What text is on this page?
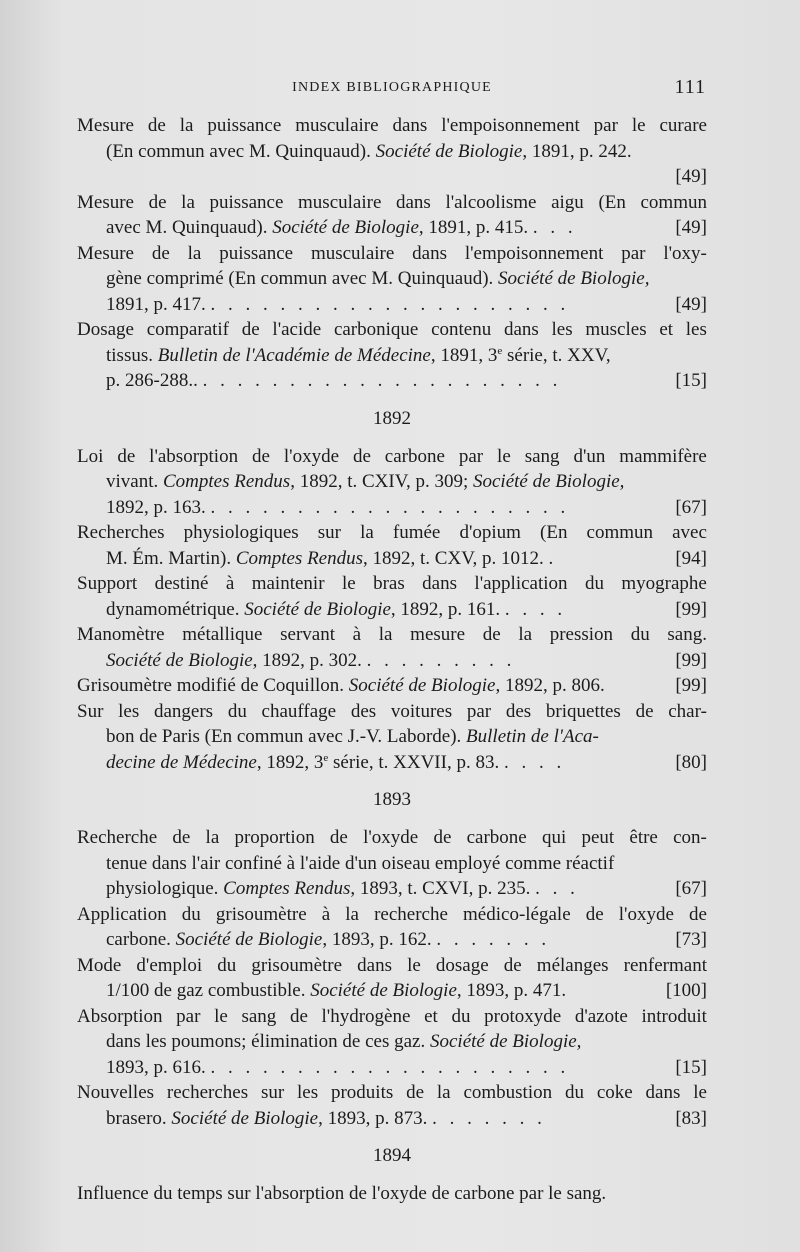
INDEX BIBLIOGRAPHIQUE	111
Mesure de la puissance musculaire dans l'empoisonnement par le curare
(En commun avec M. Quinquaud). Société de Biologie, 1891, p. 242.
[49]
Mesure de la puissance musculaire dans l'alcoolisme aigu (En commun
avec M. Quinquaud). Société de Biologie, 1891, p. 415. . . .	[49]
Mesure de la puissance musculaire dans l'empoisonnement par l'oxy-
gène comprimé (En commun avec M. Quinquaud). Société de Biologie,
1891, p. 417. . . . . . . . . . . . . . . . . . . . . .	[49]
Dosage comparatif de l'acide carbonique contenu dans les muscles et les
tissus. Bulletin de l'Académie de Médecine, 1891, 3e série, t. XXV,
p. 286-288.. . . . . . . . . . . . . . . . . . . . . .	[15]
1892
Loi de l'absorption de l'oxyde de carbone par le sang d'un mammifère
vivant. Comptes Rendus, 1892, t. CXIV, p. 309; Société de Biologie,
1892, p. 163. . . . . . . . . . . . . . . . . . . . . .	[67]
Recherches physiologiques sur la fumée d'opium (En commun avec
M. Ém. Martin). Comptes Rendus, 1892, t. CXV, p. 1012. .	[94]
Support destiné à maintenir le bras dans l'application du myographe
dynamométrique. Société de Biologie, 1892, p. 161. . . . .	[99]
Manomètre métallique servant à la mesure de la pression du sang.
Société de Biologie, 1892, p. 302. . . . . . . . . .	[99]
Grisoumètre modifié de Coquillon. Société de Biologie, 1892, p. 806.	[99]
Sur les dangers du chauffage des voitures par des briquettes de char-
bon de Paris (En commun avec J.-V. Laborde). Bulletin de l'Aca-
decine de Médecine, 1892, 3e série, t. XXVII, p. 83. . . . .	[80]
1893
Recherche de la proportion de l'oxyde de carbone qui peut être con-
tenue dans l'air confiné à l'aide d'un oiseau employé comme réactif
physiologique. Comptes Rendus, 1893, t. CXVI, p. 235. . . .	[67]
Application du grisoumètre à la recherche médico-légale de l'oxyde de
carbone. Société de Biologie, 1893, p. 162. . . . . . . .	[73]
Mode d'emploi du grisoumètre dans le dosage de mélanges renfermant
1/100 de gaz combustible. Société de Biologie, 1893, p. 471.	[100]
Absorption par le sang de l'hydrogène et du protoxyde d'azote introduit
dans les poumons; élimination de ces gaz. Société de Biologie,
1893, p. 616. . . . . . . . . . . . . . . . . . . . . .	[15]
Nouvelles recherches sur les produits de la combustion du coke dans le
brasero. Société de Biologie, 1893, p. 873. . . . . . . .	[83]
1894
Influence du temps sur l'absorption de l'oxyde de carbone par le sang.
